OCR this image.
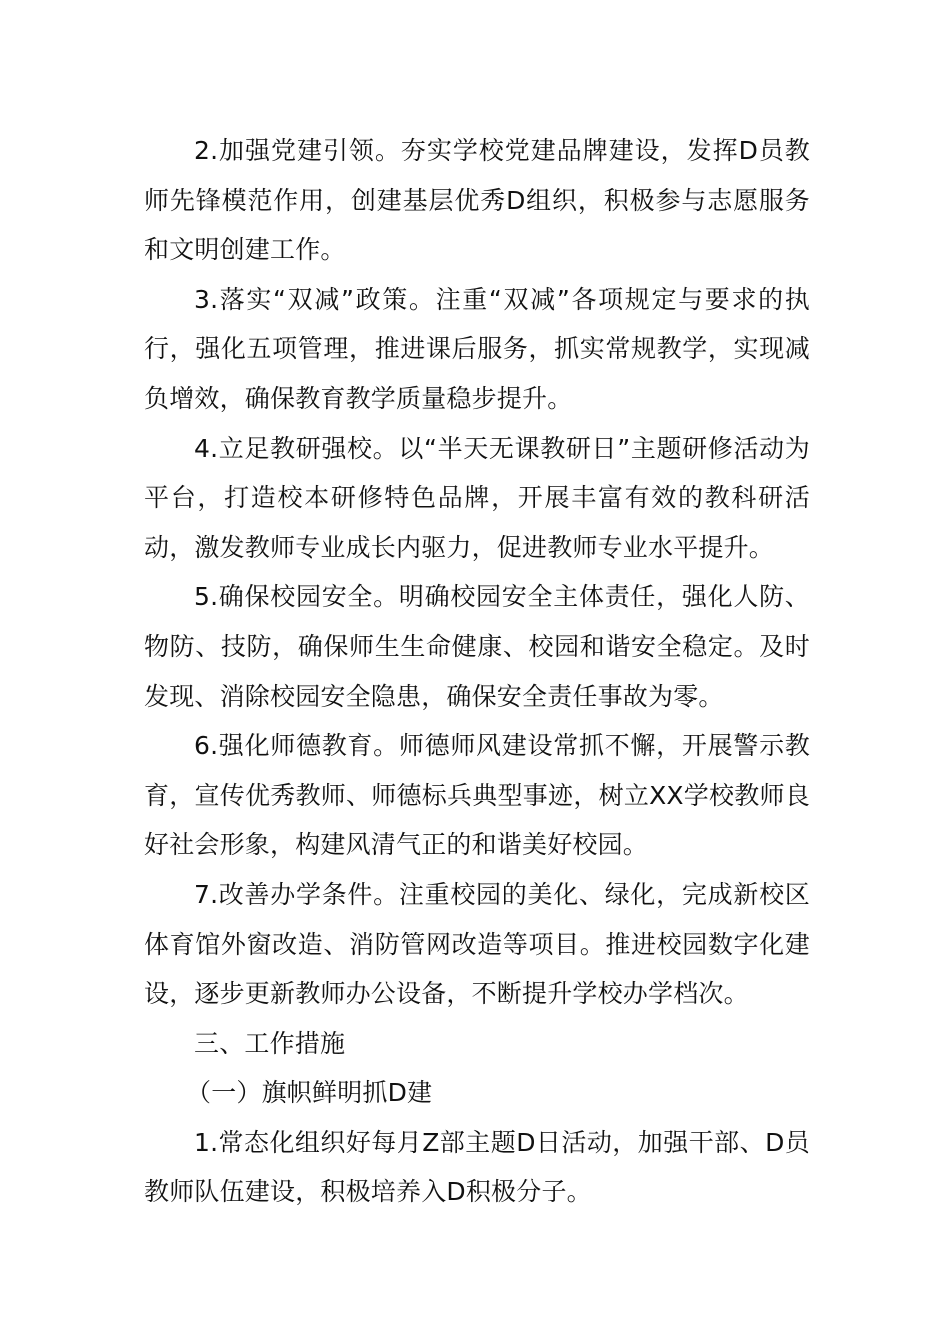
2.加强党建引领。夯实学校党建品牌建设，发挥D员教师先锋模范作用，创建基层优秀D组织，积极参与志愿服务和文明创建工作。

3.落实“双减”政策。注重“双减”各项规定与要求的执行，强化五项管理，推进课后服务，抓实常规教学，实现减负增效，确保教育教学质量稳步提升。

4.立足教研强校。以“半天无课教研日”主题研修活动为平台，打造校本研修特色品牌，开展丰富有效的教科研活动，激发教师专业成长内驱力，促进教师专业水平提升。

5.确保校园安全。明确校园安全主体责任，强化人防、物防、技防，确保师生生命健康、校园和谐安全稳定。及时发现、消除校园安全隐患，确保安全责任事故为零。

6.强化师德教育。师德师风建设常抓不懈，开展警示教育，宣传优秀教师、师德标兵典型事迹，树立XX学校教师良好社会形象，构建风清气正的和谐美好校园。

7.改善办学条件。注重校园的美化、绿化，完成新校区体育馆外窗改造、消防管网改造等项目。推进校园数字化建设，逐步更新教师办公设备，不断提升学校办学档次。

三、工作措施

（一）旗帜鲜明抓D建

1.常态化组织好每月Z部主题D日活动，加强干部、D员教师队伍建设，积极培养入D积极分子。
